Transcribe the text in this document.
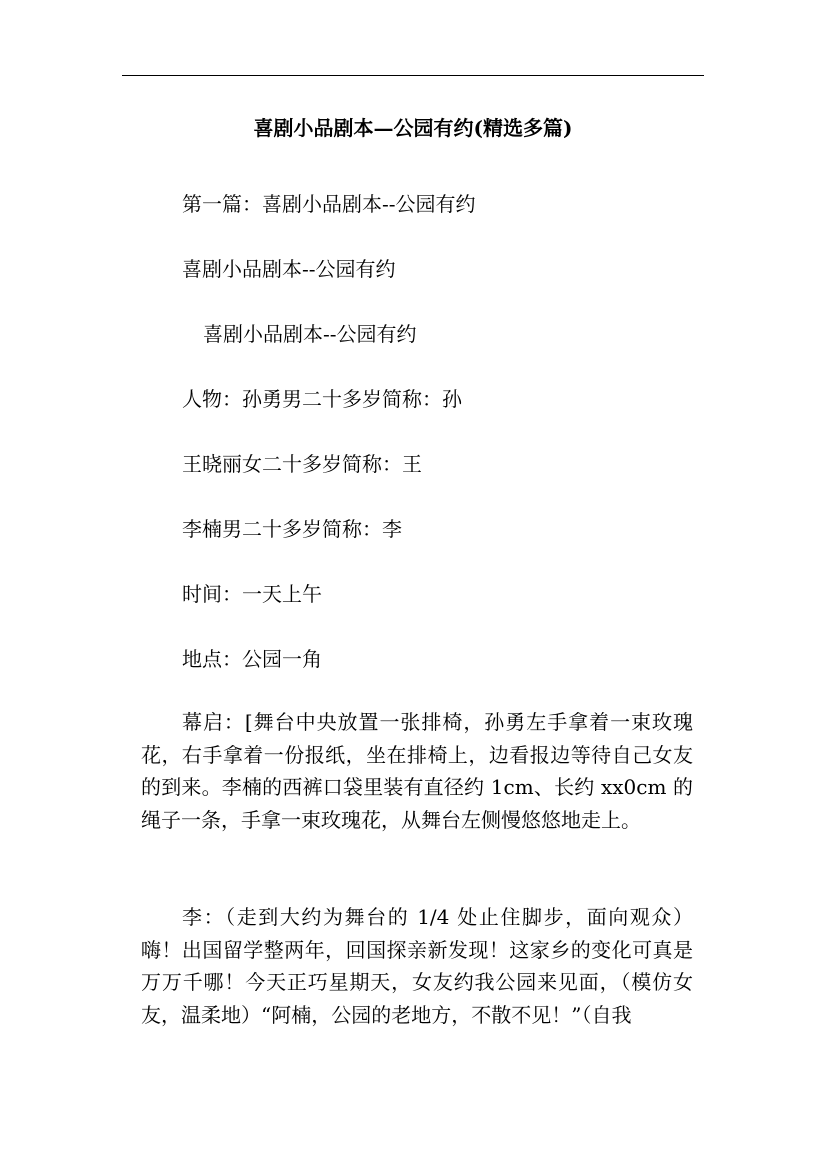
喜剧小品剧本—公园有约(精选多篇)
第一篇：喜剧小品剧本--公园有约
喜剧小品剧本--公园有约
喜剧小品剧本--公园有约
人物：孙勇男二十多岁简称：孙
王晓丽女二十多岁简称：王
李楠男二十多岁简称：李
时间：一天上午
地点：公园一角
幕启：[舞台中央放置一张排椅，孙勇左手拿着一束玫瑰花，右手拿着一份报纸，坐在排椅上，边看报边等待自己女友的到来。李楠的西裤口袋里装有直径约 1cm、长约 xx0cm 的绳子一条，手拿一束玫瑰花，从舞台左侧慢悠悠地走上。
李：（走到大约为舞台的 1/4 处止住脚步，面向观众）嗨！出国留学整两年，回国探亲新发现！这家乡的变化可真是万万千哪！今天正巧星期天，女友约我公园来见面，（模仿女友，温柔地）“阿楠，公园的老地方，不散不见！”（自我
